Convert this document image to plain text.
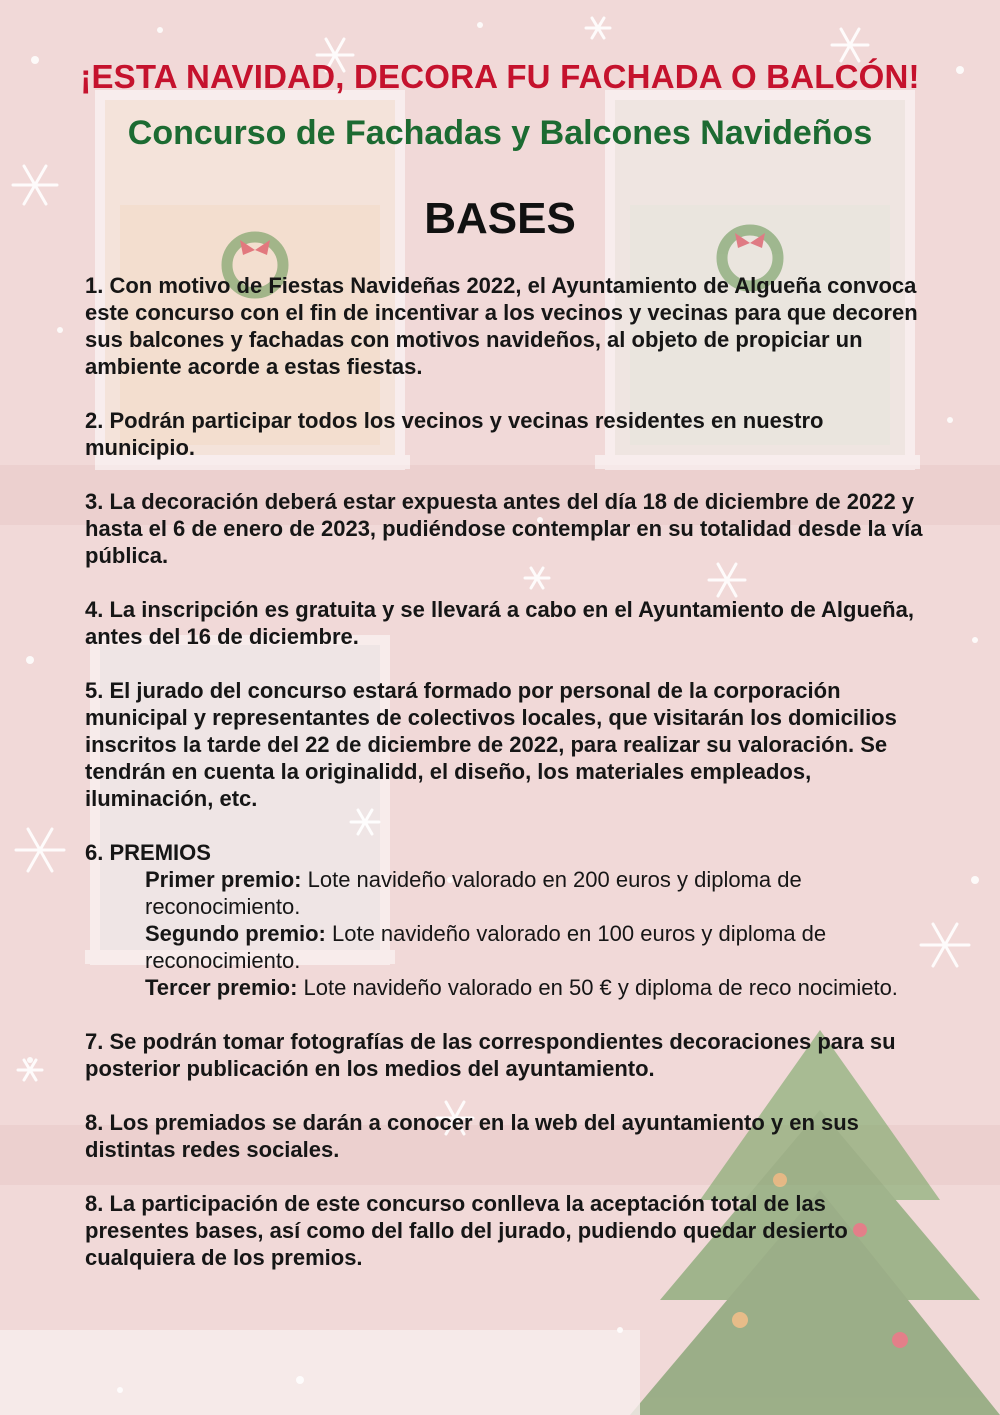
¡ESTA NAVIDAD, DECORA FU FACHADA O BALCÓN!
Concurso de Fachadas y Balcones Navideños
BASES

1. Con motivo de Fiestas Navideñas 2022, el Ayuntamiento de Algueña convoca este concurso con el fin de incentivar a los vecinos y vecinas para que decoren sus balcones y fachadas con motivos navideños, al objeto de propiciar un ambiente acorde a estas fiestas.

2. Podrán participar todos los vecinos y vecinas residentes en nuestro municipio.

3. La decoración deberá estar expuesta antes del día 18 de diciembre de 2022 y hasta el 6 de enero de 2023, pudiéndose contemplar en su totalidad desde la vía pública.

4. La inscripción es gratuita y se llevará a cabo en el Ayuntamiento de Algueña, antes del 16 de diciembre.

5. El jurado del concurso estará formado por personal de la corporación municipal y representantes de colectivos locales, que visitarán los domicilios inscritos la tarde del 22 de diciembre de 2022, para realizar su valoración. Se tendrán en cuenta la originalidd, el diseño, los materiales empleados, iluminación, etc.

6. PREMIOS

Primer premio: Lote navideño valorado en 200 euros y diploma de reconocimiento.

Segundo premio: Lote navideño valorado en 100 euros y diploma de reconocimiento.

Tercer premio: Lote navideño valorado en 50 € y diploma de reco nocimieto.

7. Se podrán tomar fotografías de las correspondientes decoraciones para su posterior publicación en los medios del ayuntamiento.

8. Los premiados se darán a conocer en la web del ayuntamiento y en sus distintas redes sociales.

8. La participación de este concurso conlleva la aceptación total de las presentes bases, así como del fallo del jurado, pudiendo quedar desierto cualquiera de los premios.
